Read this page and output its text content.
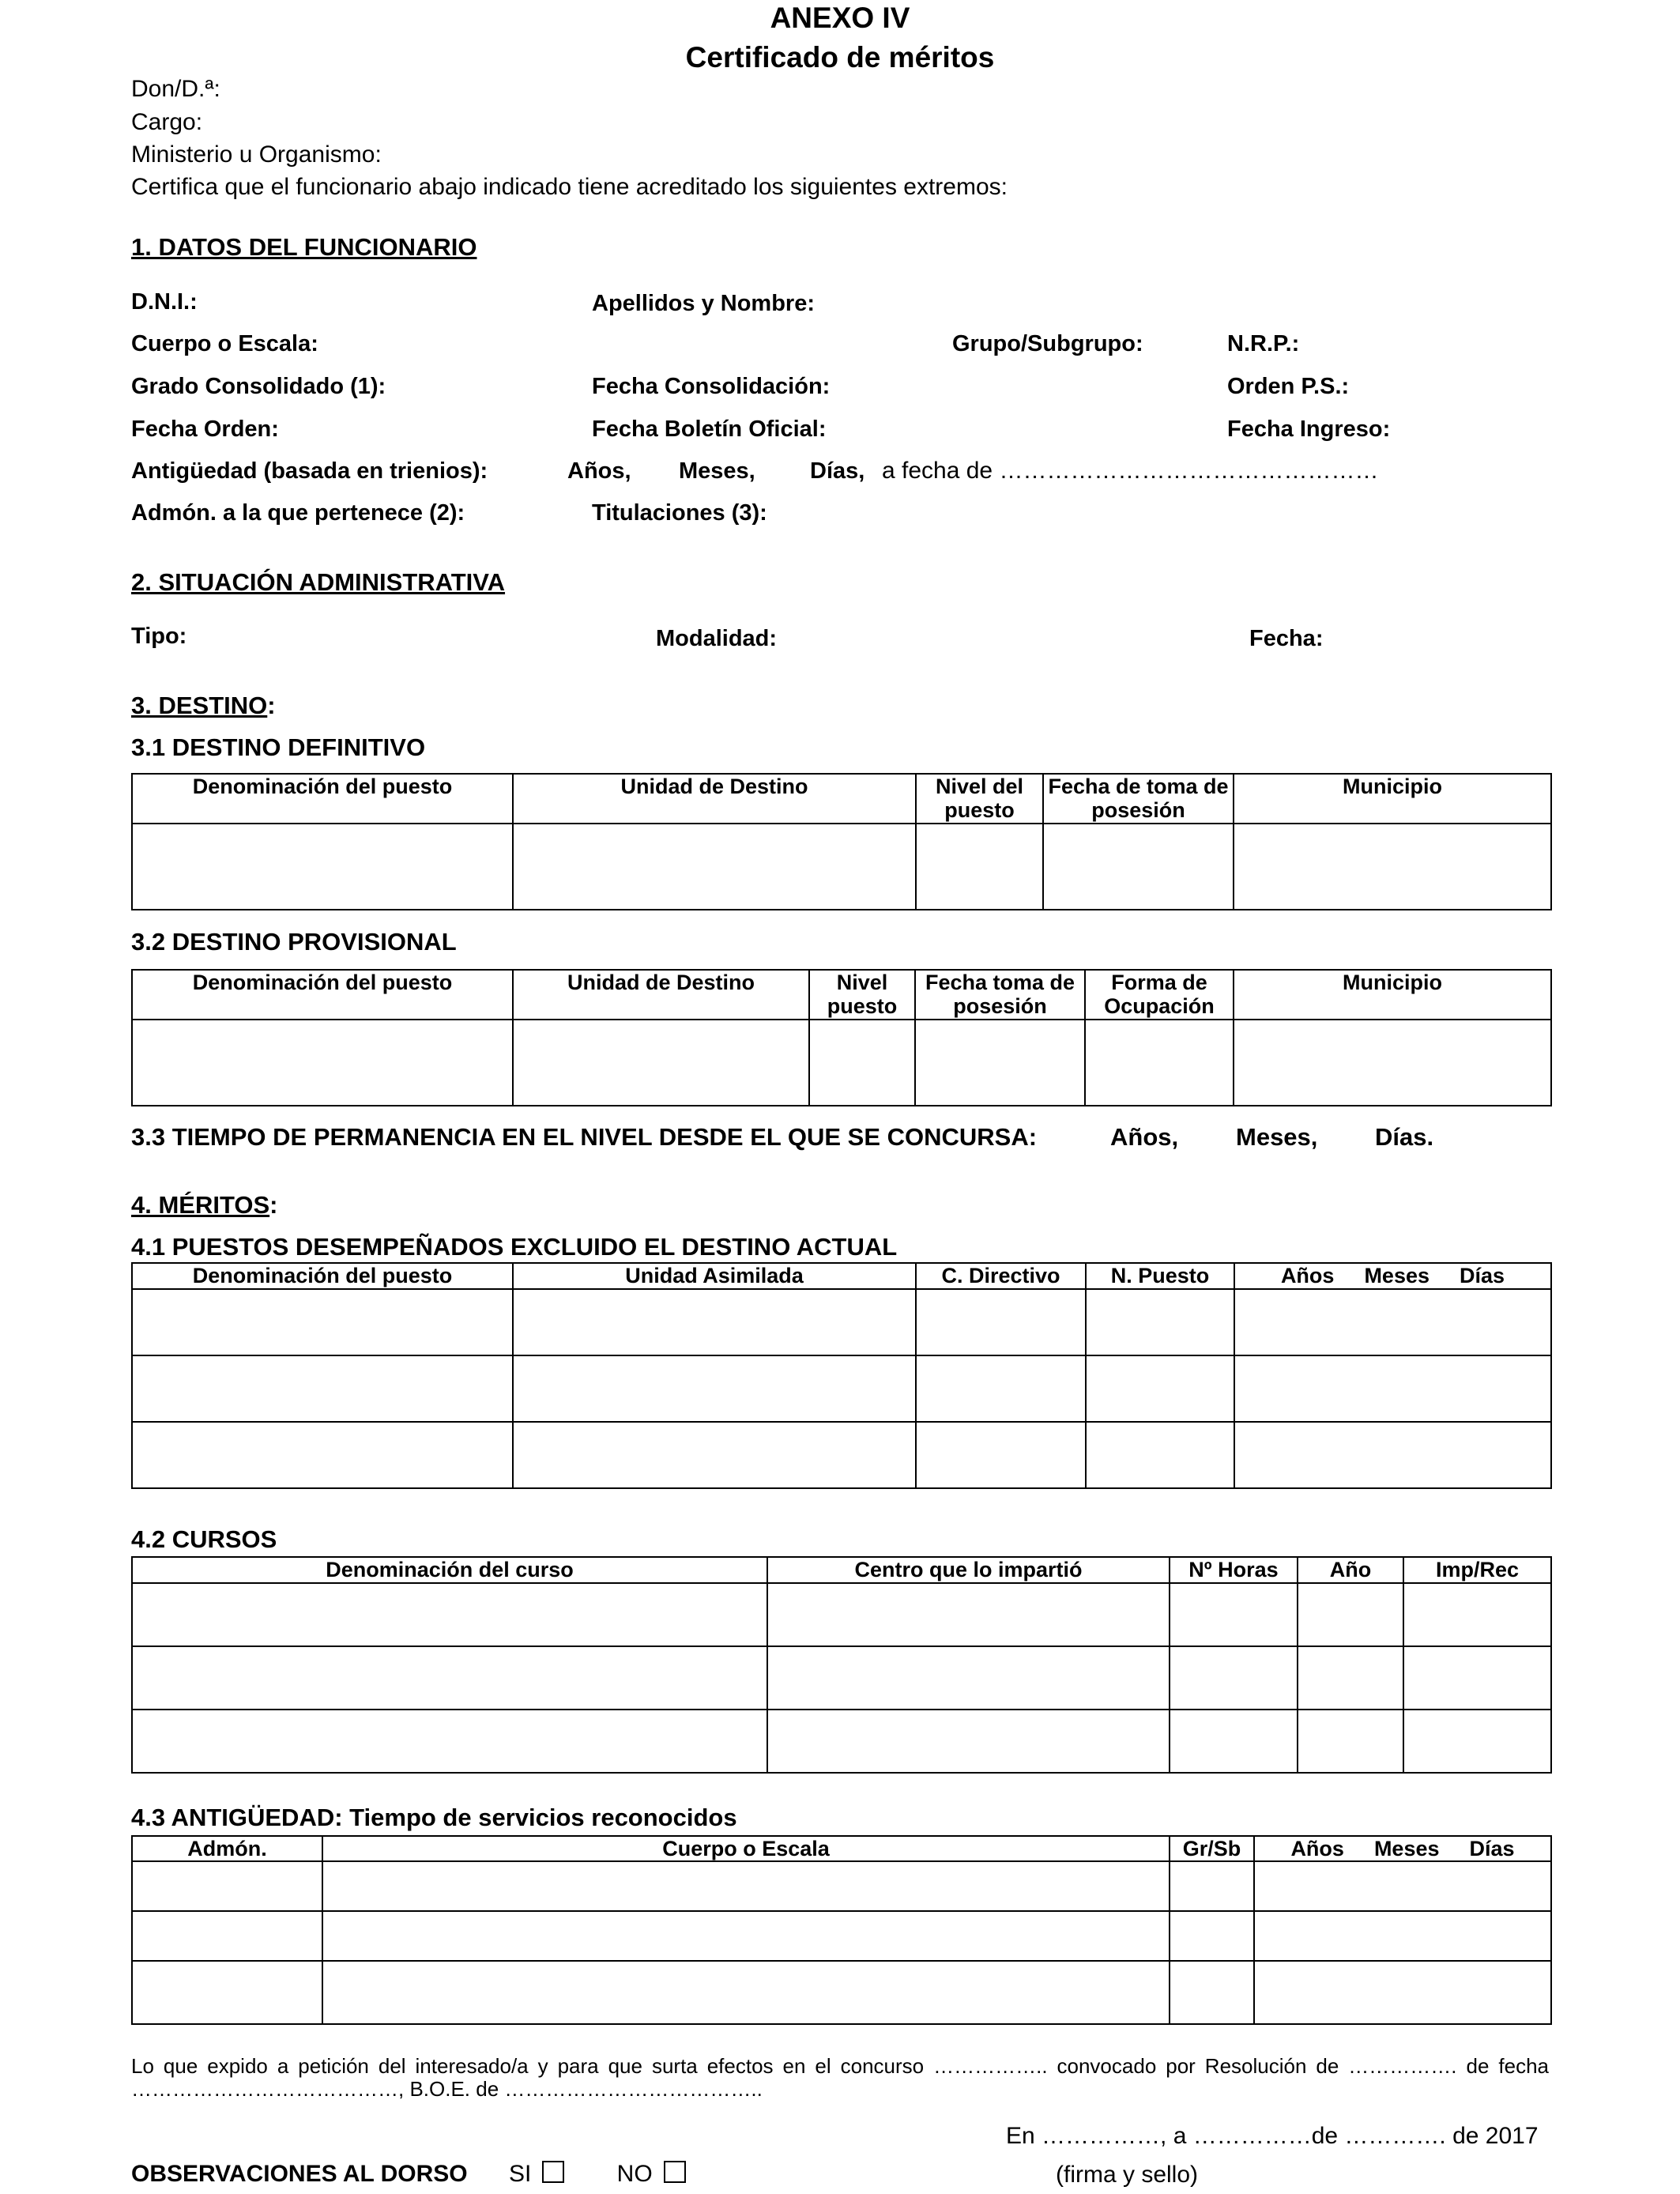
ANEXO IV
Certificado de méritos
Don/D.ª:
Cargo:
Ministerio u Organismo:
Certifica que el funcionario abajo indicado tiene acreditado los siguientes extremos:
1. DATOS DEL FUNCIONARIO
D.N.I.:	Apellidos y Nombre:
Cuerpo o Escala:	Grupo/Subgrupo:	N.R.P.:
Grado Consolidado (1):	Fecha Consolidación:	Orden P.S.:
Fecha Orden:	Fecha Boletín Oficial:	Fecha Ingreso:
Antigüedad (basada en trienios):	Años, Meses, Días, a fecha de …………………………………………
Admón. a la que pertenece (2):	Titulaciones (3):
2. SITUACIÓN ADMINISTRATIVA
Tipo:	Modalidad:	Fecha:
3. DESTINO:
3.1 DESTINO DEFINITIVO
Denominación del puesto	Unidad de Destino	Nivel del puesto	Fecha de toma de posesión	Municipio

3.2 DESTINO PROVISIONAL
Denominación del puesto	Unidad de Destino	Nivel puesto	Fecha toma de posesión	Forma de Ocupación	Municipio

3.3 TIEMPO DE PERMANENCIA EN EL NIVEL DESDE EL QUE SE CONCURSA:	Años, Meses, Días.
4. MÉRITOS:
4.1 PUESTOS DESEMPEÑADOS EXCLUIDO EL DESTINO ACTUAL
Denominación del puesto	Unidad Asimilada	C. Directivo	N. Puesto	Años Meses Días

4.2 CURSOS
Denominación del curso	Centro que lo impartió	Nº Horas	Año	Imp/Rec

4.3 ANTIGÜEDAD: Tiempo de servicios reconocidos
Admón.	Cuerpo o Escala	Gr/Sb	Años Meses Días

Lo que expido a petición del interesado/a y para que surta efectos en el concurso …………….. convocado por Resolución de ……………. de fecha …………………………………, B.O.E. de ………………………………..
En ……………, a ……………de …………. de 2017
OBSERVACIONES AL DORSO SI	NO	(firma y sello)
